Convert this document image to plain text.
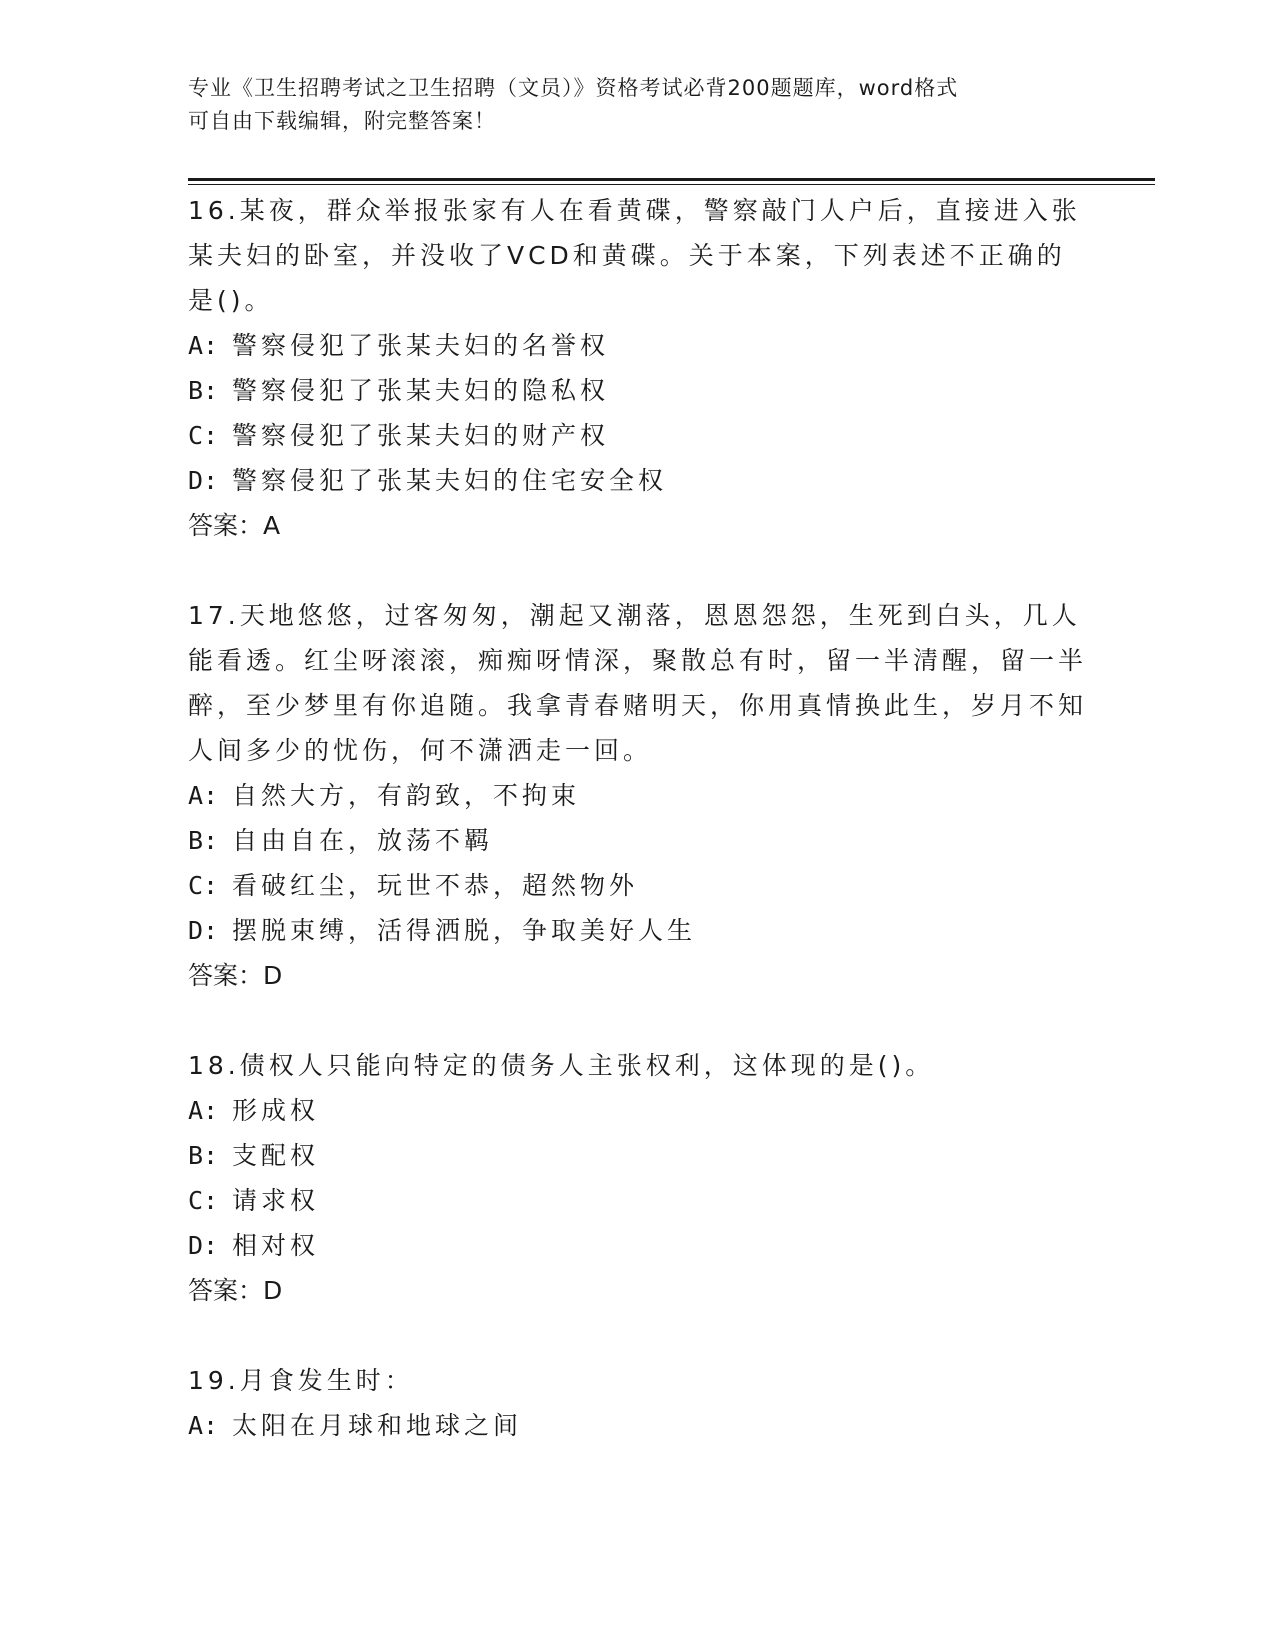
专业《卫生招聘考试之卫生招聘（文员）》资格考试必背200题题库，word格式
可自由下载编辑，附完整答案！

16.某夜，群众举报张家有人在看黄碟，警察敲门人户后，直接进入张某夫妇的卧室，并没收了VCD和黄碟。关于本案，下列表述不正确的是()。

A: 警察侵犯了张某夫妇的名誉权

B: 警察侵犯了张某夫妇的隐私权

C: 警察侵犯了张某夫妇的财产权

D: 警察侵犯了张某夫妇的住宅安全权

答案：A

17.天地悠悠，过客匆匆，潮起又潮落，恩恩怨怨，生死到白头，几人能看透。红尘呀滚滚，痴痴呀情深，聚散总有时，留一半清醒，留一半醉，至少梦里有你追随。我拿青春赌明天，你用真情换此生，岁月不知人间多少的忧伤，何不潇洒走一回。

A: 自然大方，有韵致，不拘束

B: 自由自在，放荡不羁

C: 看破红尘，玩世不恭，超然物外

D: 摆脱束缚，活得洒脱，争取美好人生

答案：D

18.债权人只能向特定的债务人主张权利，这体现的是()。

A: 形成权

B: 支配权

C: 请求权

D: 相对权

答案：D

19.月食发生时：

A: 太阳在月球和地球之间
